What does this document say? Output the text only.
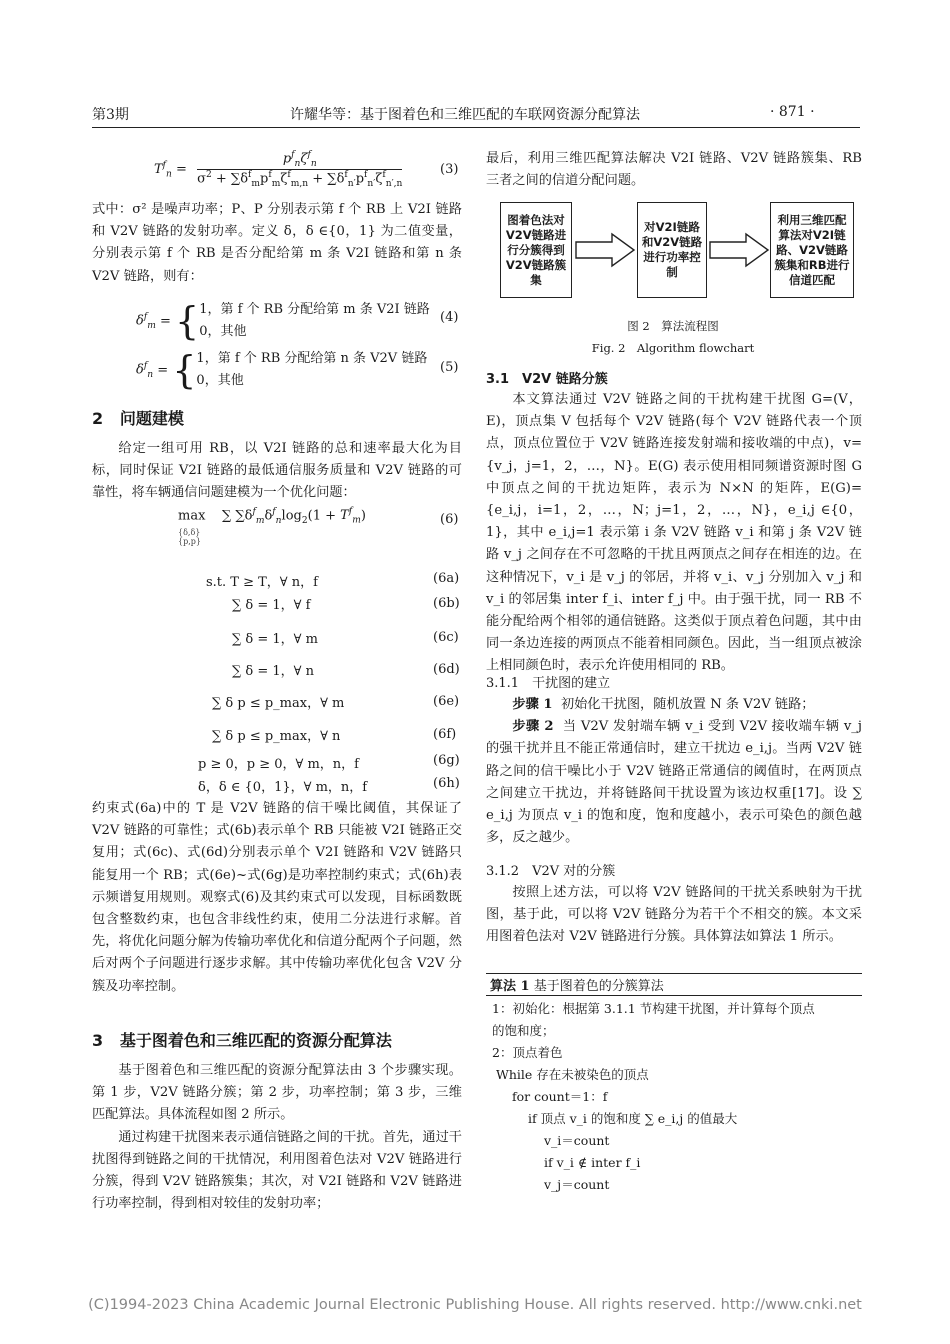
第3期	许耀华等：基于图着色和三维匹配的车联网资源分配算法	· 871 ·
$T^f_n$ =
$p^f_n\zeta^f_n$
$\sigma^2 + \sum\delta^f_mp^f_m\zeta^f_{m,n} + \sum\delta^f_{n'}p^f_{n'}\zeta^f_{n',n}$
(3)

式中：σ² 是噪声功率；P、P 分别表示第 f 个 RB 上 V2I 链路和 V2V 链路的发射功率。定义 δ，δ ∈{0，1} 为二值变量，分别表示第 f 个 RB 是否分配给第 m 条 V2I 链路和第 n 条 V2V 链路，则有：

$\delta^f_m$ = { 1，第 f 个 RB 分配给第 m 条 V2I 链路
0，其他
(4)
$\delta^f_n$ = { 1，第 f 个 RB 分配给第 n 条 V2V 链路
0，其他
(5)
2 问题建模

给定一组可用 RB，以 V2I 链路的总和速率最大化为目标，同时保证 V2I 链路的最低通信服务质量和 V2V 链路的可靠性，将车辆通信问题建模为一个优化问题：

max    ∑ $\sum\delta^f_m\delta^f_n\log_2(1 + T^f_m)$
{δ,δ}
{p,p}
(6)
s.t. T ≥ T，∀ n，f	(6a)
∑ δ = 1，∀ f	(6b)
∑ δ = 1，∀ m	(6c)
∑ δ = 1，∀ n	(6d)
∑ δ p ≤ p_max，∀ m	(6e)
∑ δ p ≤ p_max，∀ n	(6f)
p ≥ 0，p ≥ 0，∀ m，n，f	(6g)
δ，δ ∈ {0，1}，∀ m，n，f	(6h)

约束式(6a)中的 T 是 V2V 链路的信干噪比阈值，其保证了 V2V 链路的可靠性；式(6b)表示单个 RB 只能被 V2I 链路正交复用；式(6c)、式(6d)分别表示单个 V2I 链路和 V2V 链路只能复用一个 RB；式(6e)~式(6g)是功率控制约束式；式(6h)表示频谱复用规则。观察式(6)及其约束式可以发现，目标函数既包含整数约束，也包含非线性约束，使用二分法进行求解。首先，将优化问题分解为传输功率优化和信道分配两个子问题，然后对两个子问题进行逐步求解。其中传输功率优化包含 V2V 分簇及功率控制。

3 基于图着色和三维匹配的资源分配算法

基于图着色和三维匹配的资源分配算法由 3 个步骤实现。第 1 步，V2V 链路分簇；第 2 步，功率控制；第 3 步，三维匹配算法。具体流程如图 2 所示。

通过构建干扰图来表示通信链路之间的干扰。首先，通过干扰图得到链路之间的干扰情况，利用图着色法对 V2V 链路进行分簇，得到 V2V 链路簇集；其次，对 V2I 链路和 V2V 链路进行功率控制，得到相对较佳的发射功率；

最后，利用三维匹配算法解决 V2I 链路、V2V 链路簇集、RB 三者之间的信道分配问题。

图着色法对V2V链路进行分簇得到V2V链路簇集
对V2I链路和V2V链路进行功率控制
利用三维匹配算法对V2I链路、V2V链路簇集和RB进行信道匹配
图 2　算法流程图
Fig. 2　Algorithm flowchart
3.1　V2V 链路分簇

本文算法通过 V2V 链路之间的干扰构建干扰图 G=(V，E)，顶点集 V 包括每个 V2V 链路(每个 V2V 链路代表一个顶点，顶点位置位于 V2V 链路连接发射端和接收端的中点)，v={v_j，j=1，2，…，N}。E(G) 表示使用相同频谱资源时图 G 中顶点之间的干扰边矩阵，表示为 N×N 的矩阵，E(G)={e_i,j，i=1，2，…，N；j=1，2，…，N}，e_i,j ∈{0，1}，其中 e_i,j=1 表示第 i 条 V2V 链路 v_i 和第 j 条 V2V 链路 v_j 之间存在不可忽略的干扰且两顶点之间存在相连的边。在这种情况下，v_i 是 v_j 的邻居，并将 v_i、v_j 分别加入 v_j 和 v_i 的邻居集 inter f_i、inter f_j 中。由于强干扰，同一 RB 不能分配给两个相邻的通信链路。这类似于顶点着色问题，其中由同一条边连接的两顶点不能着相同颜色。因此，当一组顶点被涂上相同颜色时，表示允许使用相同的 RB。

3.1.1　干扰图的建立

步骤 1 初始化干扰图，随机放置 N 条 V2V 链路；

步骤 2 当 V2V 发射端车辆 v_i 受到 V2V 接收端车辆 v_j 的强干扰并且不能正常通信时，建立干扰边 e_i,j。当两 V2V 链路之间的信干噪比小于 V2V 链路正常通信的阈值时，在两顶点之间建立干扰边，并将链路间干扰设置为该边权重[17]。设 ∑ e_i,j 为顶点 v_i 的饱和度，饱和度越小，表示可染色的颜色越多，反之越少。

3.1.2　V2V 对的分簇

按照上述方法，可以将 V2V 链路间的干扰关系映射为干扰图，基于此，可以将 V2V 链路分为若干个不相交的簇。本文采用图着色法对 V2V 链路进行分簇。具体算法如算法 1 所示。

算法 1 基于图着色的分簇算法
1：初始化：根据第 3.1.1 节构建干扰图，并计算每个顶点
的饱和度；
2：顶点着色
While 存在未被染色的顶点
for count＝1：f
if 顶点 v_i 的饱和度 ∑ e_i,j 的值最大
v_i＝count
if v_i ∉ inter f_i
v_j＝count
(C)1994-2023 China Academic Journal Electronic Publishing House. All rights reserved. http://www.cnki.net
